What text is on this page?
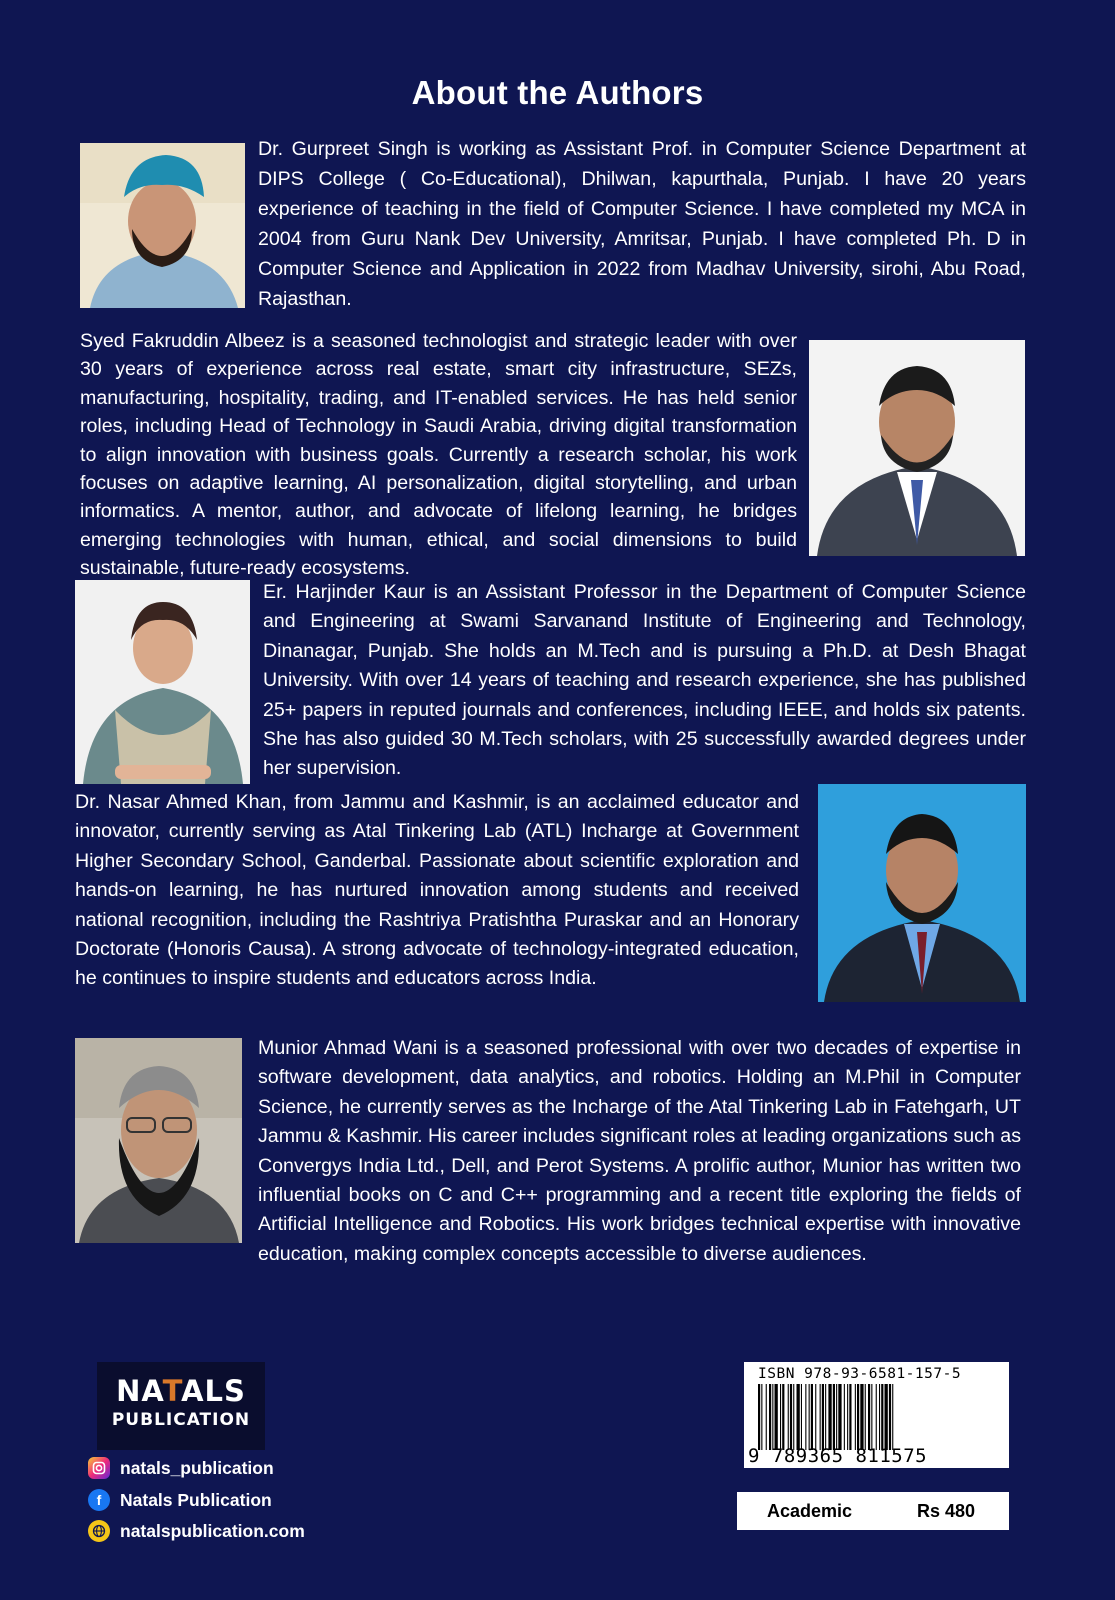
About the Authors

Dr. Gurpreet Singh is working as Assistant Prof. in Computer Science Department at DIPS College ( Co-Educational), Dhilwan, kapurthala, Punjab. I have 20 years experience of teaching in the field of Computer Science. I have completed my MCA in 2004 from Guru Nank Dev University, Amritsar, Punjab. I have completed Ph. D in Computer Science and Application in 2022 from Madhav University, sirohi, Abu Road, Rajasthan.

Syed Fakruddin Albeez is a seasoned technologist and strategic leader with over 30 years of experience across real estate, smart city infrastructure, SEZs, manufacturing, hospitality, trading, and IT-enabled services. He has held senior roles, including Head of Technology in Saudi Arabia, driving digital transformation to align innovation with business goals. Currently a research scholar, his work focuses on adaptive learning, AI personalization, digital storytelling, and urban informatics. A mentor, author, and advocate of lifelong learning, he bridges emerging technologies with human, ethical, and social dimensions to build sustainable, future-ready ecosystems.

Er. Harjinder Kaur is an Assistant Professor in the Department of Computer Science and Engineering at Swami Sarvanand Institute of Engineering and Technology, Dinanagar, Punjab. She holds an M.Tech and is pursuing a Ph.D. at Desh Bhagat University. With over 14 years of teaching and research experience, she has published 25+ papers in reputed journals and conferences, including IEEE, and holds six patents. She has also guided 30 M.Tech scholars, with 25 successfully awarded degrees under her supervision.

Dr. Nasar Ahmed Khan, from Jammu and Kashmir, is an acclaimed educator and innovator, currently serving as Atal Tinkering Lab (ATL) Incharge at Government Higher Secondary School, Ganderbal. Passionate about scientific exploration and hands-on learning, he has nurtured innovation among students and received national recognition, including the Rashtriya Pratishtha Puraskar and an Honorary Doctorate (Honoris Causa). A strong advocate of technology-integrated education, he continues to inspire students and educators across India.

Munior Ahmad Wani is a seasoned professional with over two decades of expertise in software development, data analytics, and robotics. Holding an M.Phil in Computer Science, he currently serves as the Incharge of the Atal Tinkering Lab in Fatehgarh, UT Jammu & Kashmir. His career includes significant roles at leading organizations such as Convergys India Ltd., Dell, and Perot Systems. A prolific author, Munior has written two influential books on C and C++ programming and a recent title exploring the fields of Artificial Intelligence and Robotics. His work bridges technical expertise with innovative education, making complex concepts accessible to diverse audiences.

NATALS
PUBLICATION
natals_publication
f	Natals Publication
natalspublication.com
ISBN 978-93-6581-157-5
9 789365 811575
Academic	Rs 480
